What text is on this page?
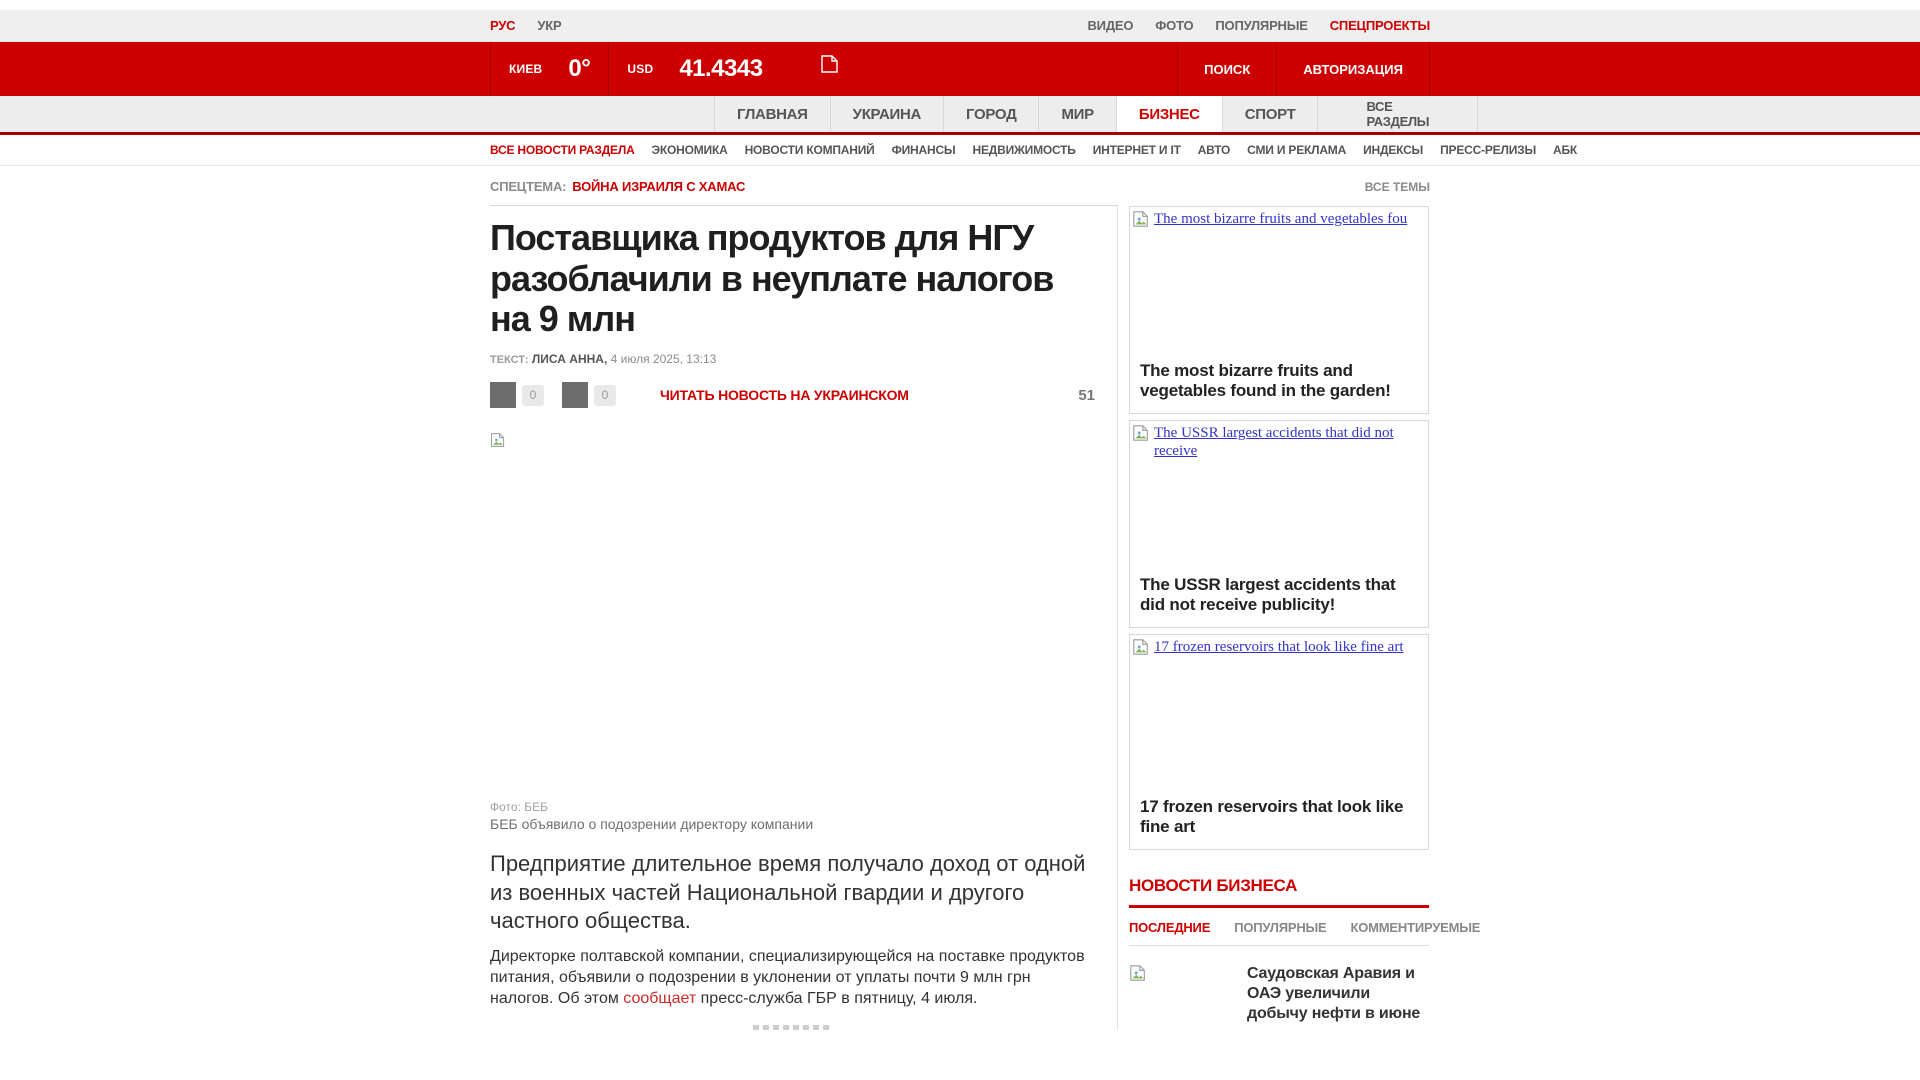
РУС УКР	ВИДЕО ФОТО ПОПУЛЯРНЫЕ СПЕЦПРОЕКТЫ
КИЕВ 0°	USD 41.4343	ПОИСК	АВТОРИЗАЦИЯ
ГЛАВНАЯ	УКРАИНА	ГОРОД	МИР	БИЗНЕС	СПОРТ	ВСЕ РАЗДЕЛЫ
ВСЕ НОВОСТИ РАЗДЕЛА ЭКОНОМИКА НОВОСТИ КОМПАНИЙ ФИНАНСЫ НЕДВИЖИМОСТЬ ИНТЕРНЕТ И IT АВТО СМИ И РЕКЛАМА ИНДЕКСЫ ПРЕСС-РЕЛИЗЫ АБК
СПЕЦТЕМА: ВОЙНА ИЗРАИЛЯ С ХАМАС	ВСЕ ТЕМЫ
Поставщика продуктов для НГУ разоблачили в неуплате налогов на 9 млн
ТЕКСТ: ЛИСА АННА, 4 июля 2025, 13:13
0	0	ЧИТАТЬ НОВОСТЬ НА УКРАИНСКОМ	51
Фото: БЕБ
БЕБ объявило о подозрении директору компании

Предприятие длительное время получало доход от одной из военных частей Национальной гвардии и другого частного общества.

Директорке полтавской компании, специализирующейся на поставке продуктов питания, объявили о подозрении в уклонении от уплаты почти 9 млн грн налогов. Об этом сообщает пресс-служба ГБР в пятницу, 4 июля.

The most bizarre fruits and vegetables fou
The most bizarre fruits and vegetables found in the garden!
The USSR largest accidents that did not receive
The USSR largest accidents that did not receive publicity!
17 frozen reservoirs that look like fine art
17 frozen reservoirs that look like fine art
НОВОСТИ БИЗНЕСА
ПОСЛЕДНИЕ ПОПУЛЯРНЫЕ КОММЕНТИРУЕМЫЕ
Саудовская Аравия и ОАЭ увеличили добычу нефти в июне
